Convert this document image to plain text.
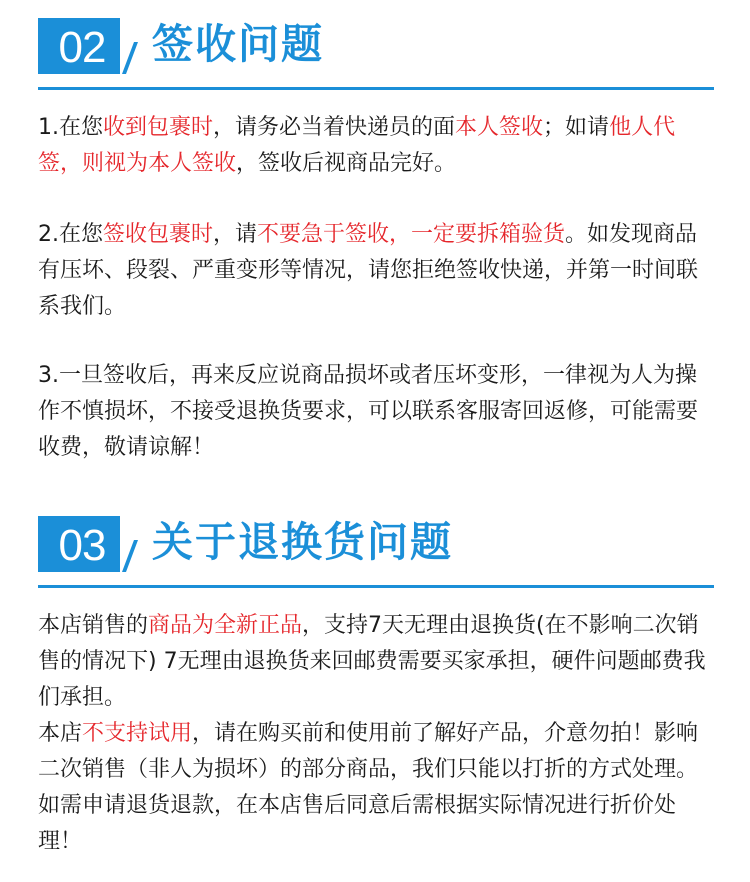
02	签收问题

1.在您收到包裹时，请务必当着快递员的面本人签收；如请他人代签，则视为本人签收，签收后视商品完好。

2.在您签收包裹时，请不要急于签收，一定要拆箱验货。如发现商品有压坏、段裂、严重变形等情况，请您拒绝签收快递，并第一时间联系我们。

3.一旦签收后，再来反应说商品损坏或者压坏变形，一律视为人为操作不慎损坏，不接受退换货要求，可以联系客服寄回返修，可能需要收费，敬请谅解！

03	关于退换货问题

本店销售的商品为全新正品，支持7天无理由退换货(在不影响二次销售的情况下) 7无理由退换货来回邮费需要买家承担，硬件问题邮费我们承担。

本店不支持试用，请在购买前和使用前了解好产品，介意勿拍！影响二次销售（非人为损坏）的部分商品，我们只能以打折的方式处理。如需申请退货退款，在本店售后同意后需根据实际情况进行折价处理！
